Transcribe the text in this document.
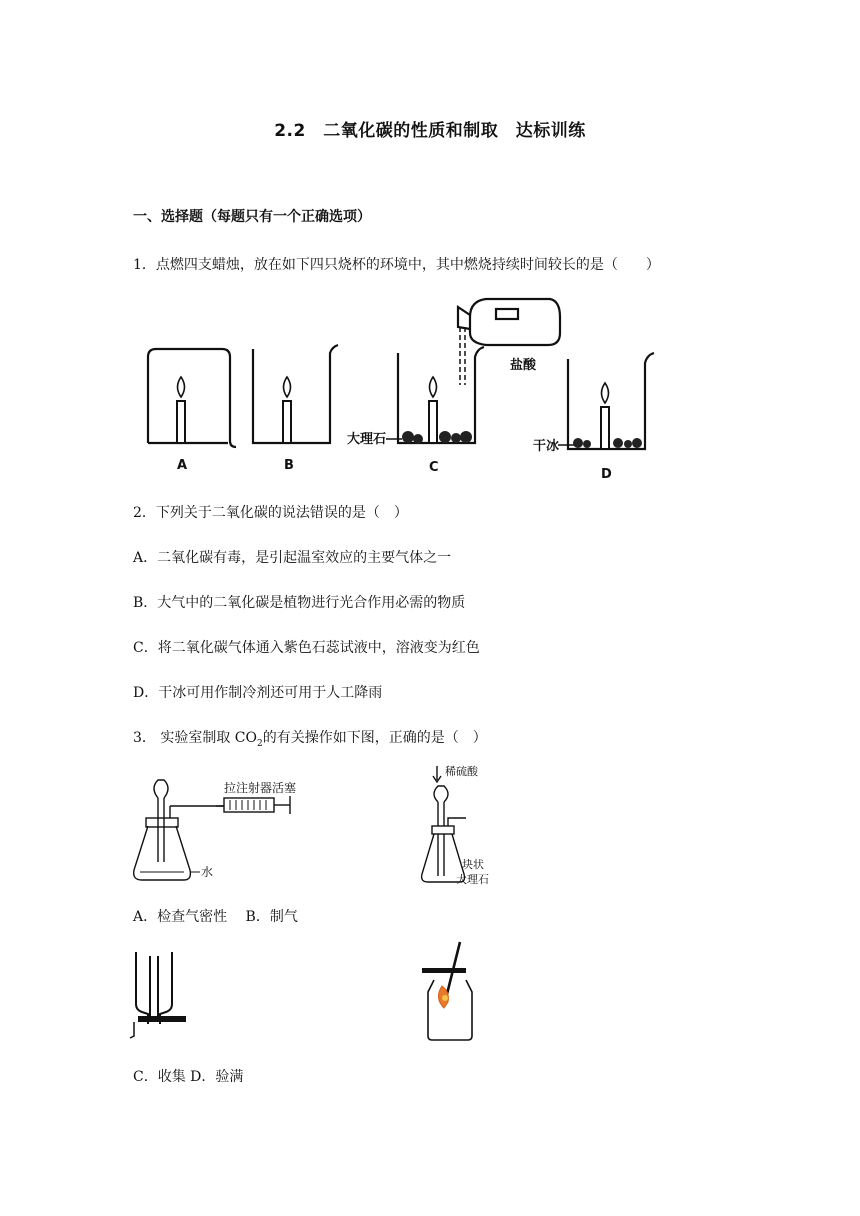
2.2　二氧化碳的性质和制取　达标训练
一、选择题（每题只有一个正确选项）
1．点燃四支蜡烛，放在如下四只烧杯的环境中，其中燃烧持续时间较长的是（　　）
盐酸
大理石	干冰
A	B	C	D
2．下列关于二氧化碳的说法错误的是（　）
A．二氧化碳有毒，是引起温室效应的主要气体之一
B．大气中的二氧化碳是植物进行光合作用必需的物质
C．将二氧化碳气体通入紫色石蕊试液中，溶液变为红色
D．干冰可用作制冷剂还可用于人工降雨
3． 实验室制取 $CO_2$的有关操作如下图，正确的是（　）
拉注射器活塞
水
稀硫酸
块状
大理石
A．检查气密性　 B．制气
C．收集 D．验满
